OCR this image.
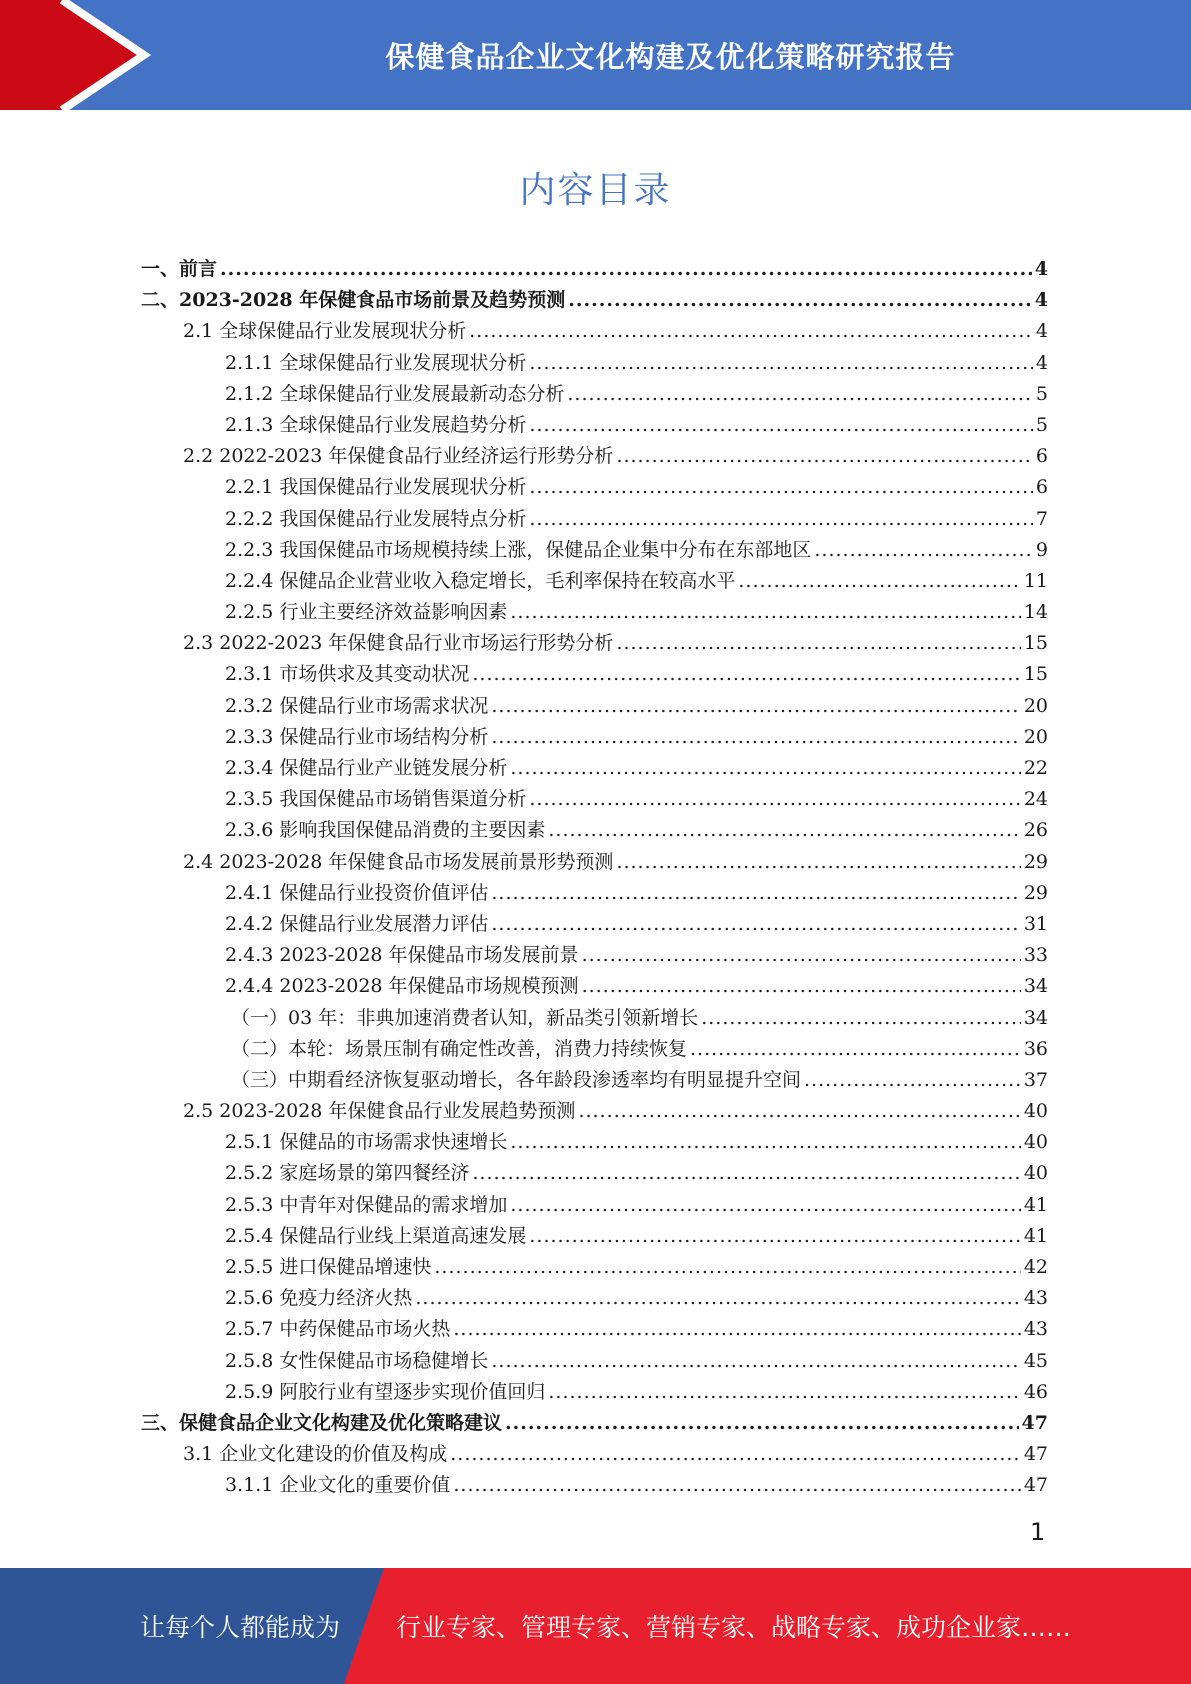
保健食品企业文化构建及优化策略研究报告
内容目录
一、前言 .....	4
二、2023-2028 年保健食品市场前景及趋势预测 .....	4
2.1 全球保健品行业发展现状分析 .....	4
2.1.1 全球保健品行业发展现状分析 .....	4
2.1.2 全球保健品行业发展最新动态分析 .....	5
2.1.3 全球保健品行业发展趋势分析 .....	5
2.2 2022-2023 年保健食品行业经济运行形势分析 .....	6
2.2.1 我国保健品行业发展现状分析 .....	6
2.2.2 我国保健品行业发展特点分析 .....	7
2.2.3 我国保健品市场规模持续上涨，保健品企业集中分布在东部地区 .....	9
2.2.4 保健品企业营业收入稳定增长，毛利率保持在较高水平 .....	11
2.2.5 行业主要经济效益影响因素 .....	14
2.3 2022-2023 年保健食品行业市场运行形势分析 .....	15
2.3.1 市场供求及其变动状况 .....	15
2.3.2 保健品行业市场需求状况 .....	20
2.3.3 保健品行业市场结构分析 .....	20
2.3.4 保健品行业产业链发展分析 .....	22
2.3.5 我国保健品市场销售渠道分析 .....	24
2.3.6 影响我国保健品消费的主要因素 .....	26
2.4 2023-2028 年保健食品市场发展前景形势预测 .....	29
2.4.1 保健品行业投资价值评估 .....	29
2.4.2 保健品行业发展潜力评估 .....	31
2.4.3 2023-2028 年保健品市场发展前景 .....	33
2.4.4 2023-2028 年保健品市场规模预测 .....	34
（一）03 年：非典加速消费者认知，新品类引领新增长 .....	34
（二）本轮：场景压制有确定性改善，消费力持续恢复 .....	36
（三）中期看经济恢复驱动增长，各年龄段渗透率均有明显提升空间 .....	37
2.5 2023-2028 年保健食品行业发展趋势预测 .....	40
2.5.1 保健品的市场需求快速增长 .....	40
2.5.2 家庭场景的第四餐经济 .....	40
2.5.3 中青年对保健品的需求增加 .....	41
2.5.4 保健品行业线上渠道高速发展 .....	41
2.5.5 进口保健品增速快 .....	42
2.5.6 免疫力经济火热 .....	43
2.5.7 中药保健品市场火热 .....	43
2.5.8 女性保健品市场稳健增长 .....	45
2.5.9 阿胶行业有望逐步实现价值回归 .....	46
三、保健食品企业文化构建及优化策略建议 .....	47
3.1 企业文化建设的价值及构成 .....	47
3.1.1 企业文化的重要价值 .....	47
1
让每个人都能成为 行业专家、管理专家、营销专家、战略专家、成功企业家……
